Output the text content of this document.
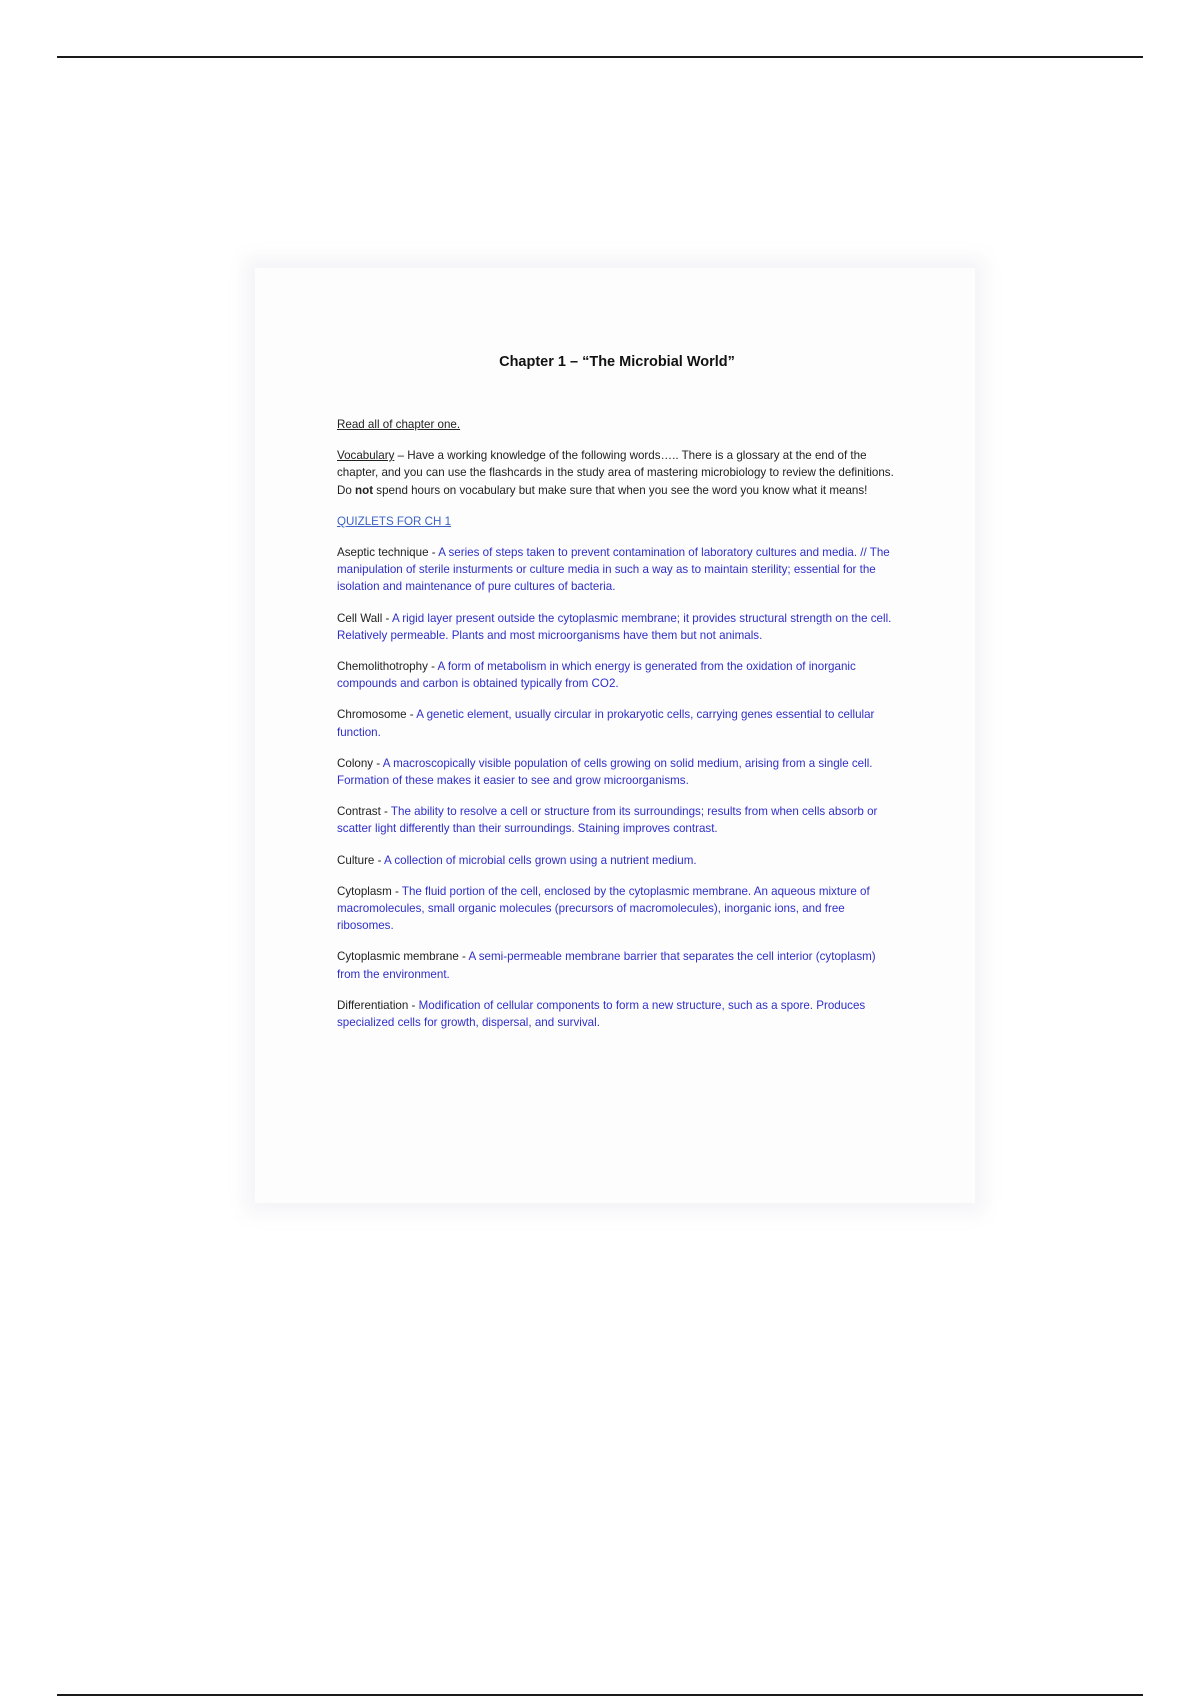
Chapter 1 – “The Microbial World”
Read all of chapter one.
Vocabulary – Have a working knowledge of the following words….. There is a glossary at the end of the chapter, and you can use the flashcards in the study area of mastering microbiology to review the definitions. Do not spend hours on vocabulary but make sure that when you see the word you know what it means!
QUIZLETS FOR CH 1
Aseptic technique - A series of steps taken to prevent contamination of laboratory cultures and media. // The manipulation of sterile insturments or culture media in such a way as to maintain sterility; essential for the isolation and maintenance of pure cultures of bacteria.
Cell Wall - A rigid layer present outside the cytoplasmic membrane; it provides structural strength on the cell. Relatively permeable. Plants and most microorganisms have them but not animals.
Chemolithotrophy - A form of metabolism in which energy is generated from the oxidation of inorganic compounds and carbon is obtained typically from CO2.
Chromosome - A genetic element, usually circular in prokaryotic cells, carrying genes essential to cellular function.
Colony - A macroscopically visible population of cells growing on solid medium, arising from a single cell. Formation of these makes it easier to see and grow microorganisms.
Contrast - The ability to resolve a cell or structure from its surroundings; results from when cells absorb or scatter light differently than their surroundings. Staining improves contrast.
Culture - A collection of microbial cells grown using a nutrient medium.
Cytoplasm - The fluid portion of the cell, enclosed by the cytoplasmic membrane. An aqueous mixture of macromolecules, small organic molecules (precursors of macromolecules), inorganic ions, and free ribosomes.
Cytoplasmic membrane - A semi-permeable membrane barrier that separates the cell interior (cytoplasm) from the environment.
Differentiation - Modification of cellular components to form a new structure, such as a spore. Produces specialized cells for growth, dispersal, and survival.
